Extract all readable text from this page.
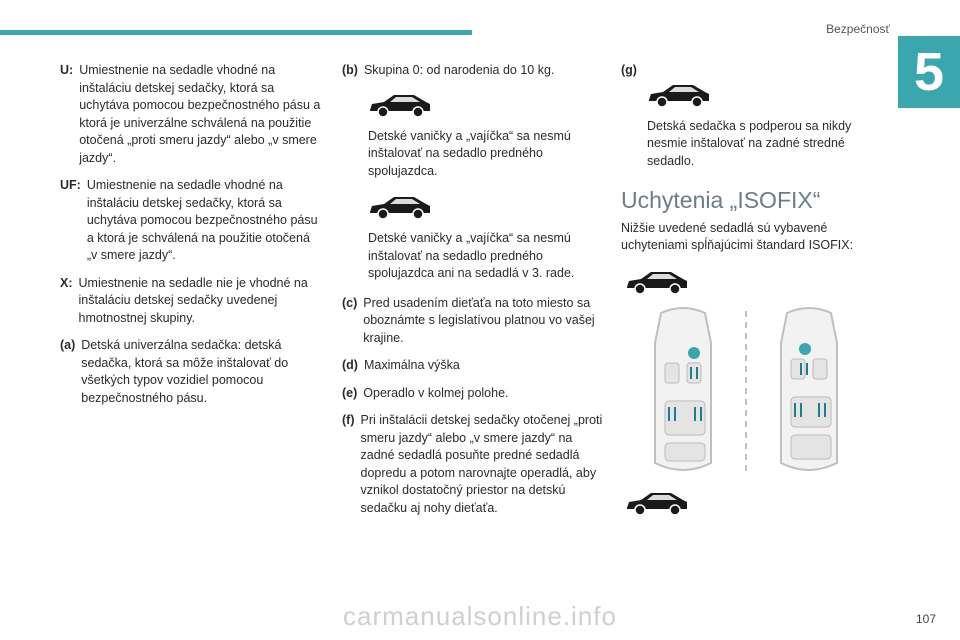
Bezpečnosť
5
U: Umiestnenie na sedadle vhodné na inštaláciu detskej sedačky, ktorá sa uchytáva pomocou bezpečnostného pásu a ktorá je univerzálne schválená na použitie otočená „proti smeru jazdy“ alebo „v smere jazdy“.
UF: Umiestnenie na sedadle vhodné na inštaláciu detskej sedačky, ktorá sa uchytáva pomocou bezpečnostného pásu a ktorá je schválená na použitie otočená „v smere jazdy“.
X: Umiestnenie na sedadle nie je vhodné na inštaláciu detskej sedačky uvedenej hmotnostnej skupiny.
(a) Detská univerzálna sedačka: detská sedačka, ktorá sa môže inštalovať do všetkých typov vozidiel pomocou bezpečnostného pásu.
(b) Skupina 0: od narodenia do 10 kg.
Detské vaničky a „vajíčka“ sa nesmú inštalovať na sedadlo predného spolujazdca.
Detské vaničky a „vajíčka“ sa nesmú inštalovať na sedadlo predného spolujazdca ani na sedadlá v 3. rade.
(c) Pred usadením dieťaťa na toto miesto sa oboznámte s legislatívou platnou vo vašej krajine.
(d) Maximálna výška
(e) Operadlo v kolmej polohe.
(f) Pri inštalácii detskej sedačky otočenej „proti smeru jazdy“ alebo „v smere jazdy“ na zadné sedadlá posuňte predné sedadlá dopredu a potom narovnajte operadlá, aby vznikol dostatočný priestor na detskú sedačku aj nohy dieťaťa.
(g)
Detská sedačka s podperou sa nikdy nesmie inštalovať na zadné stredné sedadlo.
Uchytenia „ISOFIX“
Nižšie uvedené sedadlá sú vybavené uchyteniami spĺňajúcimi štandard ISOFIX:
carmanualsonline.info	107
